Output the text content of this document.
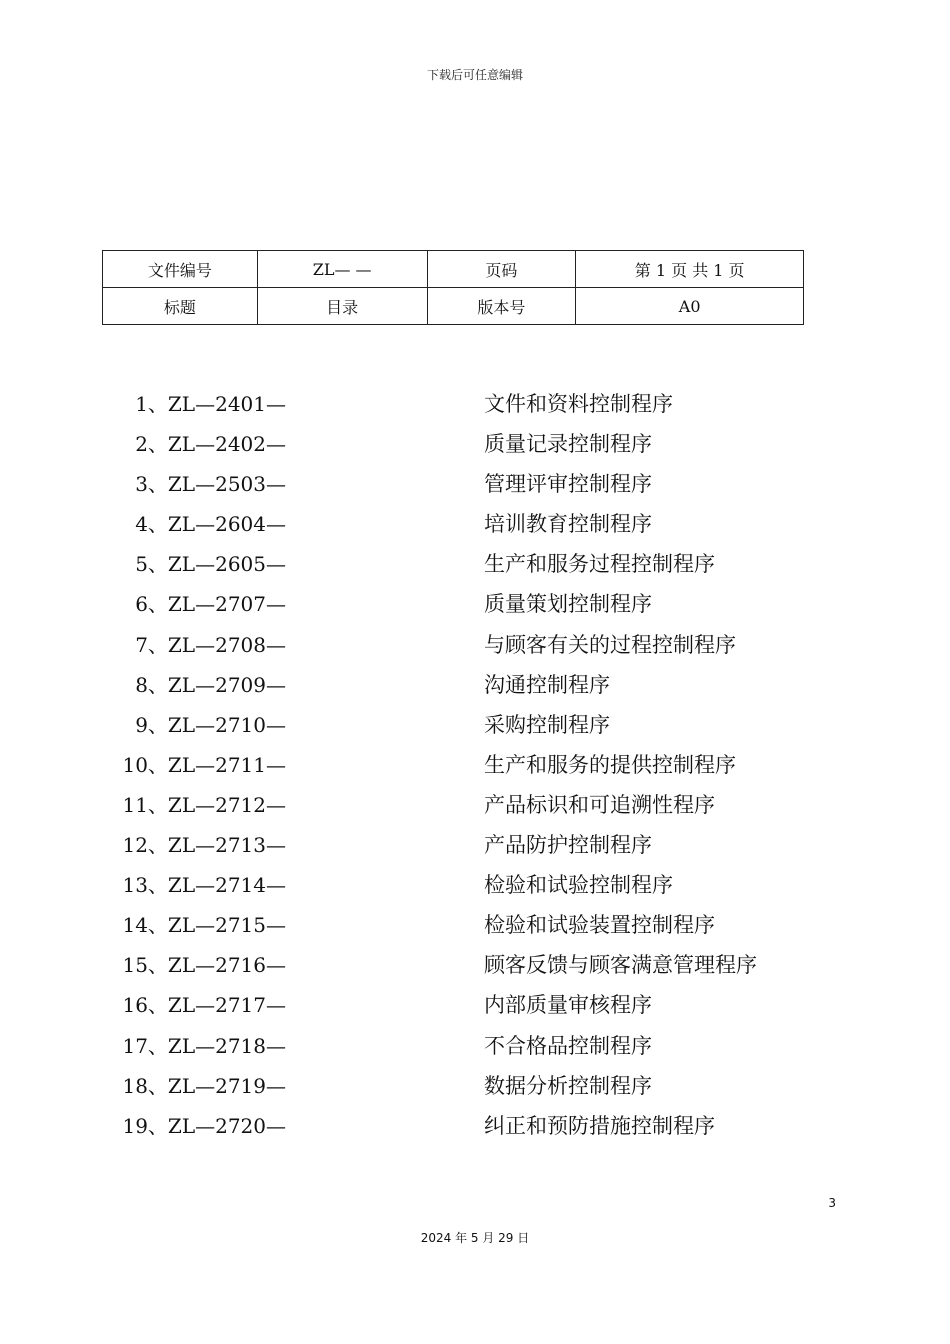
下载后可任意编辑
文件编号	ZL— —	页码	第 1 页 共 1 页
标题	目录	版本号	A0
1、ZL—2401—	文件和资料控制程序
2、ZL—2402—	质量记录控制程序
3、ZL—2503—	管理评审控制程序
4、ZL—2604—	培训教育控制程序
5、ZL—2605—	生产和服务过程控制程序
6、ZL—2707—	质量策划控制程序
7、ZL—2708—	与顾客有关的过程控制程序
8、ZL—2709—	沟通控制程序
9、ZL—2710—	采购控制程序
10、ZL—2711—	生产和服务的提供控制程序
11、ZL—2712—	产品标识和可追溯性程序
12、ZL—2713—	产品防护控制程序
13、ZL—2714—	检验和试验控制程序
14、ZL—2715—	检验和试验装置控制程序
15、ZL—2716—	顾客反馈与顾客满意管理程序
16、ZL—2717—	内部质量审核程序
17、ZL—2718—	不合格品控制程序
18、ZL—2719—	数据分析控制程序
19、ZL—2720—	纠正和预防措施控制程序
3
2024 年 5 月 29 日
